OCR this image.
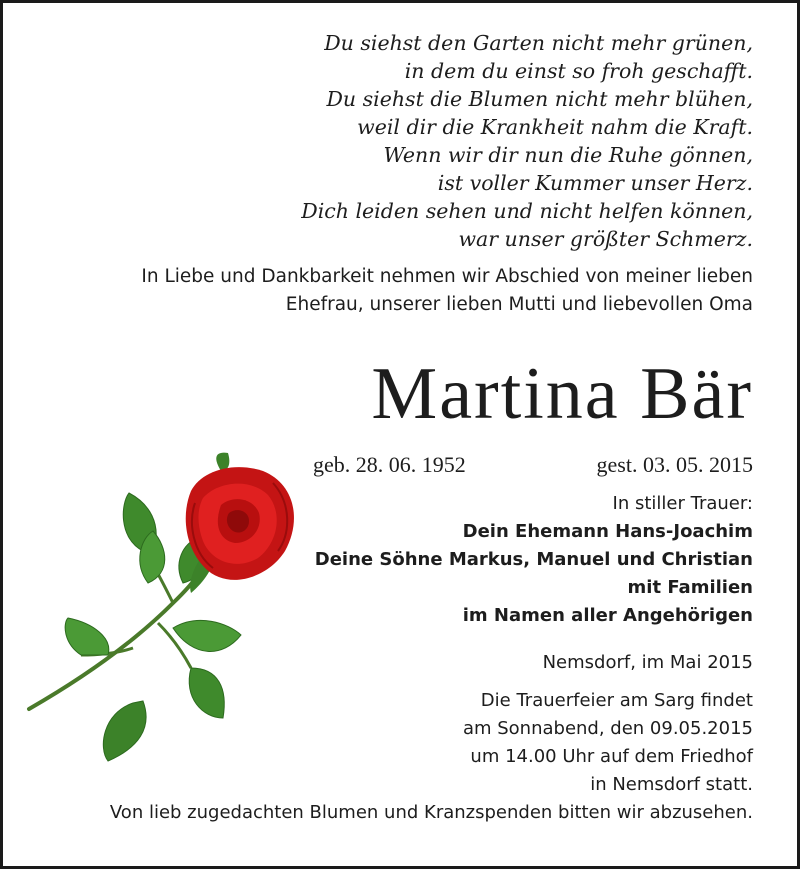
Du siehst den Garten nicht mehr grünen,
in dem du einst so froh geschafft.
Du siehst die Blumen nicht mehr blühen,
weil dir die Krankheit nahm die Kraft.
Wenn wir dir nun die Ruhe gönnen,
ist voller Kummer unser Herz.
Dich leiden sehen und nicht helfen können,
war unser größter Schmerz.
In Liebe und Dankbarkeit nehmen wir Abschied von meiner lieben
Ehefrau, unserer lieben Mutti und liebevollen Oma
Martina Bär
geb. 28. 06. 1952	gest. 03. 05. 2015
In stiller Trauer:
Dein Ehemann Hans-Joachim
Deine Söhne Markus, Manuel und Christian
mit Familien
im Namen aller Angehörigen
Nemsdorf, im Mai 2015
Die Trauerfeier am Sarg findet
am Sonnabend, den 09.05.2015
um 14.00 Uhr auf dem Friedhof
in Nemsdorf statt.
Von lieb zugedachten Blumen und Kranzspenden bitten wir abzusehen.
